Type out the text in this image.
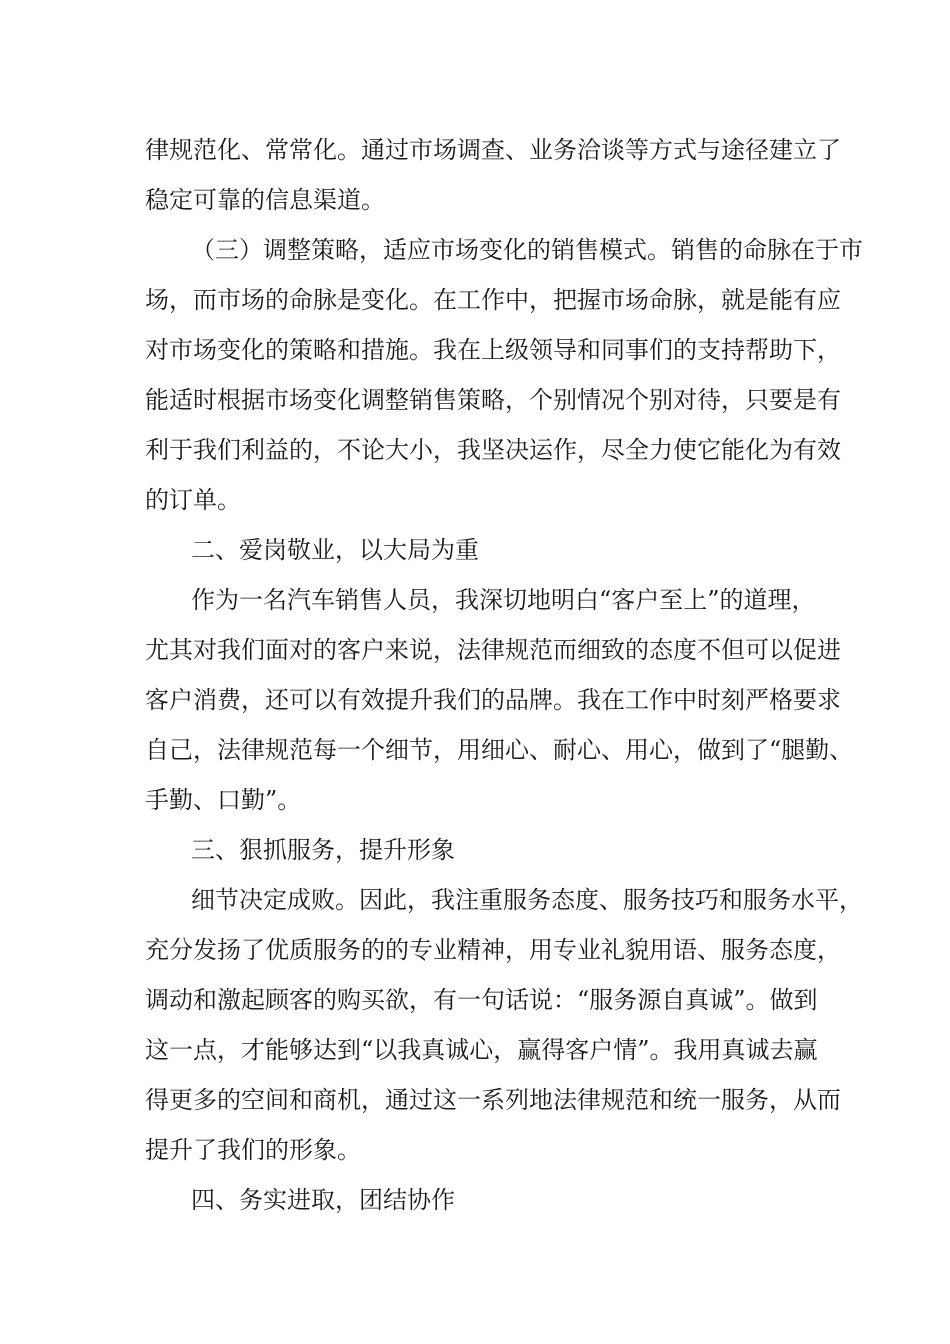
律规范化、常常化。通过市场调查、业务洽谈等方式与途径建立了
稳定可靠的信息渠道。
（三）调整策略，适应市场变化的销售模式。销售的命脉在于市
场，而市场的命脉是变化。在工作中，把握市场命脉，就是能有应
对市场变化的策略和措施。我在上级领导和同事们的支持帮助下，
能适时根据市场变化调整销售策略，个别情况个别对待，只要是有
利于我们利益的，不论大小，我坚决运作，尽全力使它能化为有效
的订单。
二、爱岗敬业，以大局为重
作为一名汽车销售人员，我深切地明白“客户至上”的道理，
尤其对我们面对的客户来说，法律规范而细致的态度不但可以促进
客户消费，还可以有效提升我们的品牌。我在工作中时刻严格要求
自己，法律规范每一个细节，用细心、耐心、用心，做到了“腿勤、
手勤、口勤”。
三、狠抓服务，提升形象
细节决定成败。因此，我注重服务态度、服务技巧和服务水平，
充分发扬了优质服务的的专业精神，用专业礼貌用语、服务态度，
调动和激起顾客的购买欲，有一句话说：“服务源自真诚”。做到
这一点，才能够达到“以我真诚心，赢得客户情”。我用真诚去赢
得更多的空间和商机，通过这一系列地法律规范和统一服务，从而
提升了我们的形象。
四、务实进取，团结协作
